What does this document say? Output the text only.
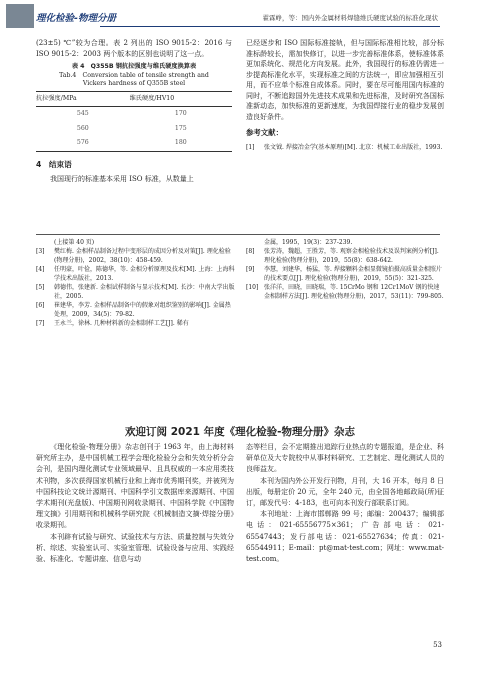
理化检验-物理分册	翟霖峥，等：国内外金属材料焊缝维氏硬度试验的标准化现状

(23±5) ℃”较为合理。表 2 列出的 ISO 9015-2：2016 与 ISO 9015-2：2003 两个版本的区别也说明了这一点。

表 4　Q355B 钢抗拉强度与维氏硬度换算表
Tab.4　Conversion table of tensile strength and
Vickers hardness of Q355B steel
抗拉强度/MPa	维氏硬度/HV10
545	170
560	175
576	180
4　结束语

我国现行的标准基本采用 ISO 标准，从数量上

已经逐步和 ISO 国际标准接轨，但与国际标准相比较，部分标准标龄较长，需加快修订，以进一步完善标准体系，使标准体系更加系统化、规范化方向发展。此外，我国现行的标准仍需进一步提高标准化水平，实现标准之间的方法统一，即应加强相互引用，而不应单个标准自成体系。同时，要在尽可能用国内标准的同时，不断追踪国外先进技术成果和先进标准，及时研究各国标准新动态，加快标准的更新速度，为我国焊接行业的稳步发展创造良好条件。

参考文献：
[1]	张文钺. 焊接冶金学(基本原理)[M]. 北京：机械工业出版社，1993.
(上接第 40 页)
[3]	樊红梅. 金相样品制备过程中变形层的成因分析及对策[J]. 理化检验(物理分册)，2002，38(10)：458-459.
[4]	任明豪，叶俭，陈德华，等. 金相分析原理及技术[M]. 上海：上海科学技术出版社，2013.
[5]	韩德伟，张建新. 金相试样制备与显示技术[M]. 长沙：中南大学出版社，2005.
[6]	崔建华，李芳. 金相样品制备中的假象对组织鉴别的影响[J]. 金属热处理，2009，34(5)：79-82.
[7]	王永兰，徐林. 几种材料新的金相制样工艺[J]. 稀有
金属，1995，19(3)：237-239.
[8]	张芳涛，魏超，王胜芳，等. 观察金相检验技术及误判案例分析[J]. 理化检验(物理分册)，2019，55(8)：638-642.
[9]	李慧，刘建华，杨猛，等. 焊接颗料金相显微镜拍摄高质量金相照片的技术要点[J]. 理化检验(物理分册)，2019，55(5)：321-325.
[10] 张洋洋，田晓，田晓瑞，等. 15CrMo 钢和 12Cr1MoV 钢的快速金相制样方法[J]. 理化检验(物理分册)，2017，53(11)：799-805.
欢迎订阅 2021 年度《理化检验-物理分册》杂志

《理化检验-物理分册》杂志创刊于 1963 年，由上海材料研究所主办，是中国机械工程学会理化检验分会和失效分析分会会刊，是国内理化测试专业领域最早、且具权威的一本应用类技术刊物，多次获得国家机械行业和上海市优秀期刊奖，并被列为中国科技论文统计源期刊、中国科学引文数据库来源期刊、中国学术期刊(光盘版)、中国期刊网收录期刊、中国科学院《中国物理文摘》引用期刊和机械科学研究院《机械制造文摘·焊接分册》收录期刊。

本刊辟有试验与研究、试验技术与方法、质量控制与失效分析、综述、实验室认可、实验室管理、试验设备与应用、实践经验、标准化、专题讲座、信息与动

态等栏目，会不定期推出追踪行业热点的专题报道，是企业、科研单位及大专院校中从事材料研究、工艺制定、理化测试人员的良师益友。

本刊为国内外公开发行刊物，月刊，大 16 开本，每月 8 日出版，每册定价 20 元，全年 240 元，由全国各地邮政局(所)征订，邮发代号：4-183，也可向本刊发行部联系订阅。

本刊地址：上海市邯郸路 99 号；邮编：200437；编辑部电话：021-65556775×361；广告部电话：021-65547443；发行部电话：021-65527634；传真：021-65544911；E-mail：pt@mat-test.com；网址：www.mat-test.com。

53
